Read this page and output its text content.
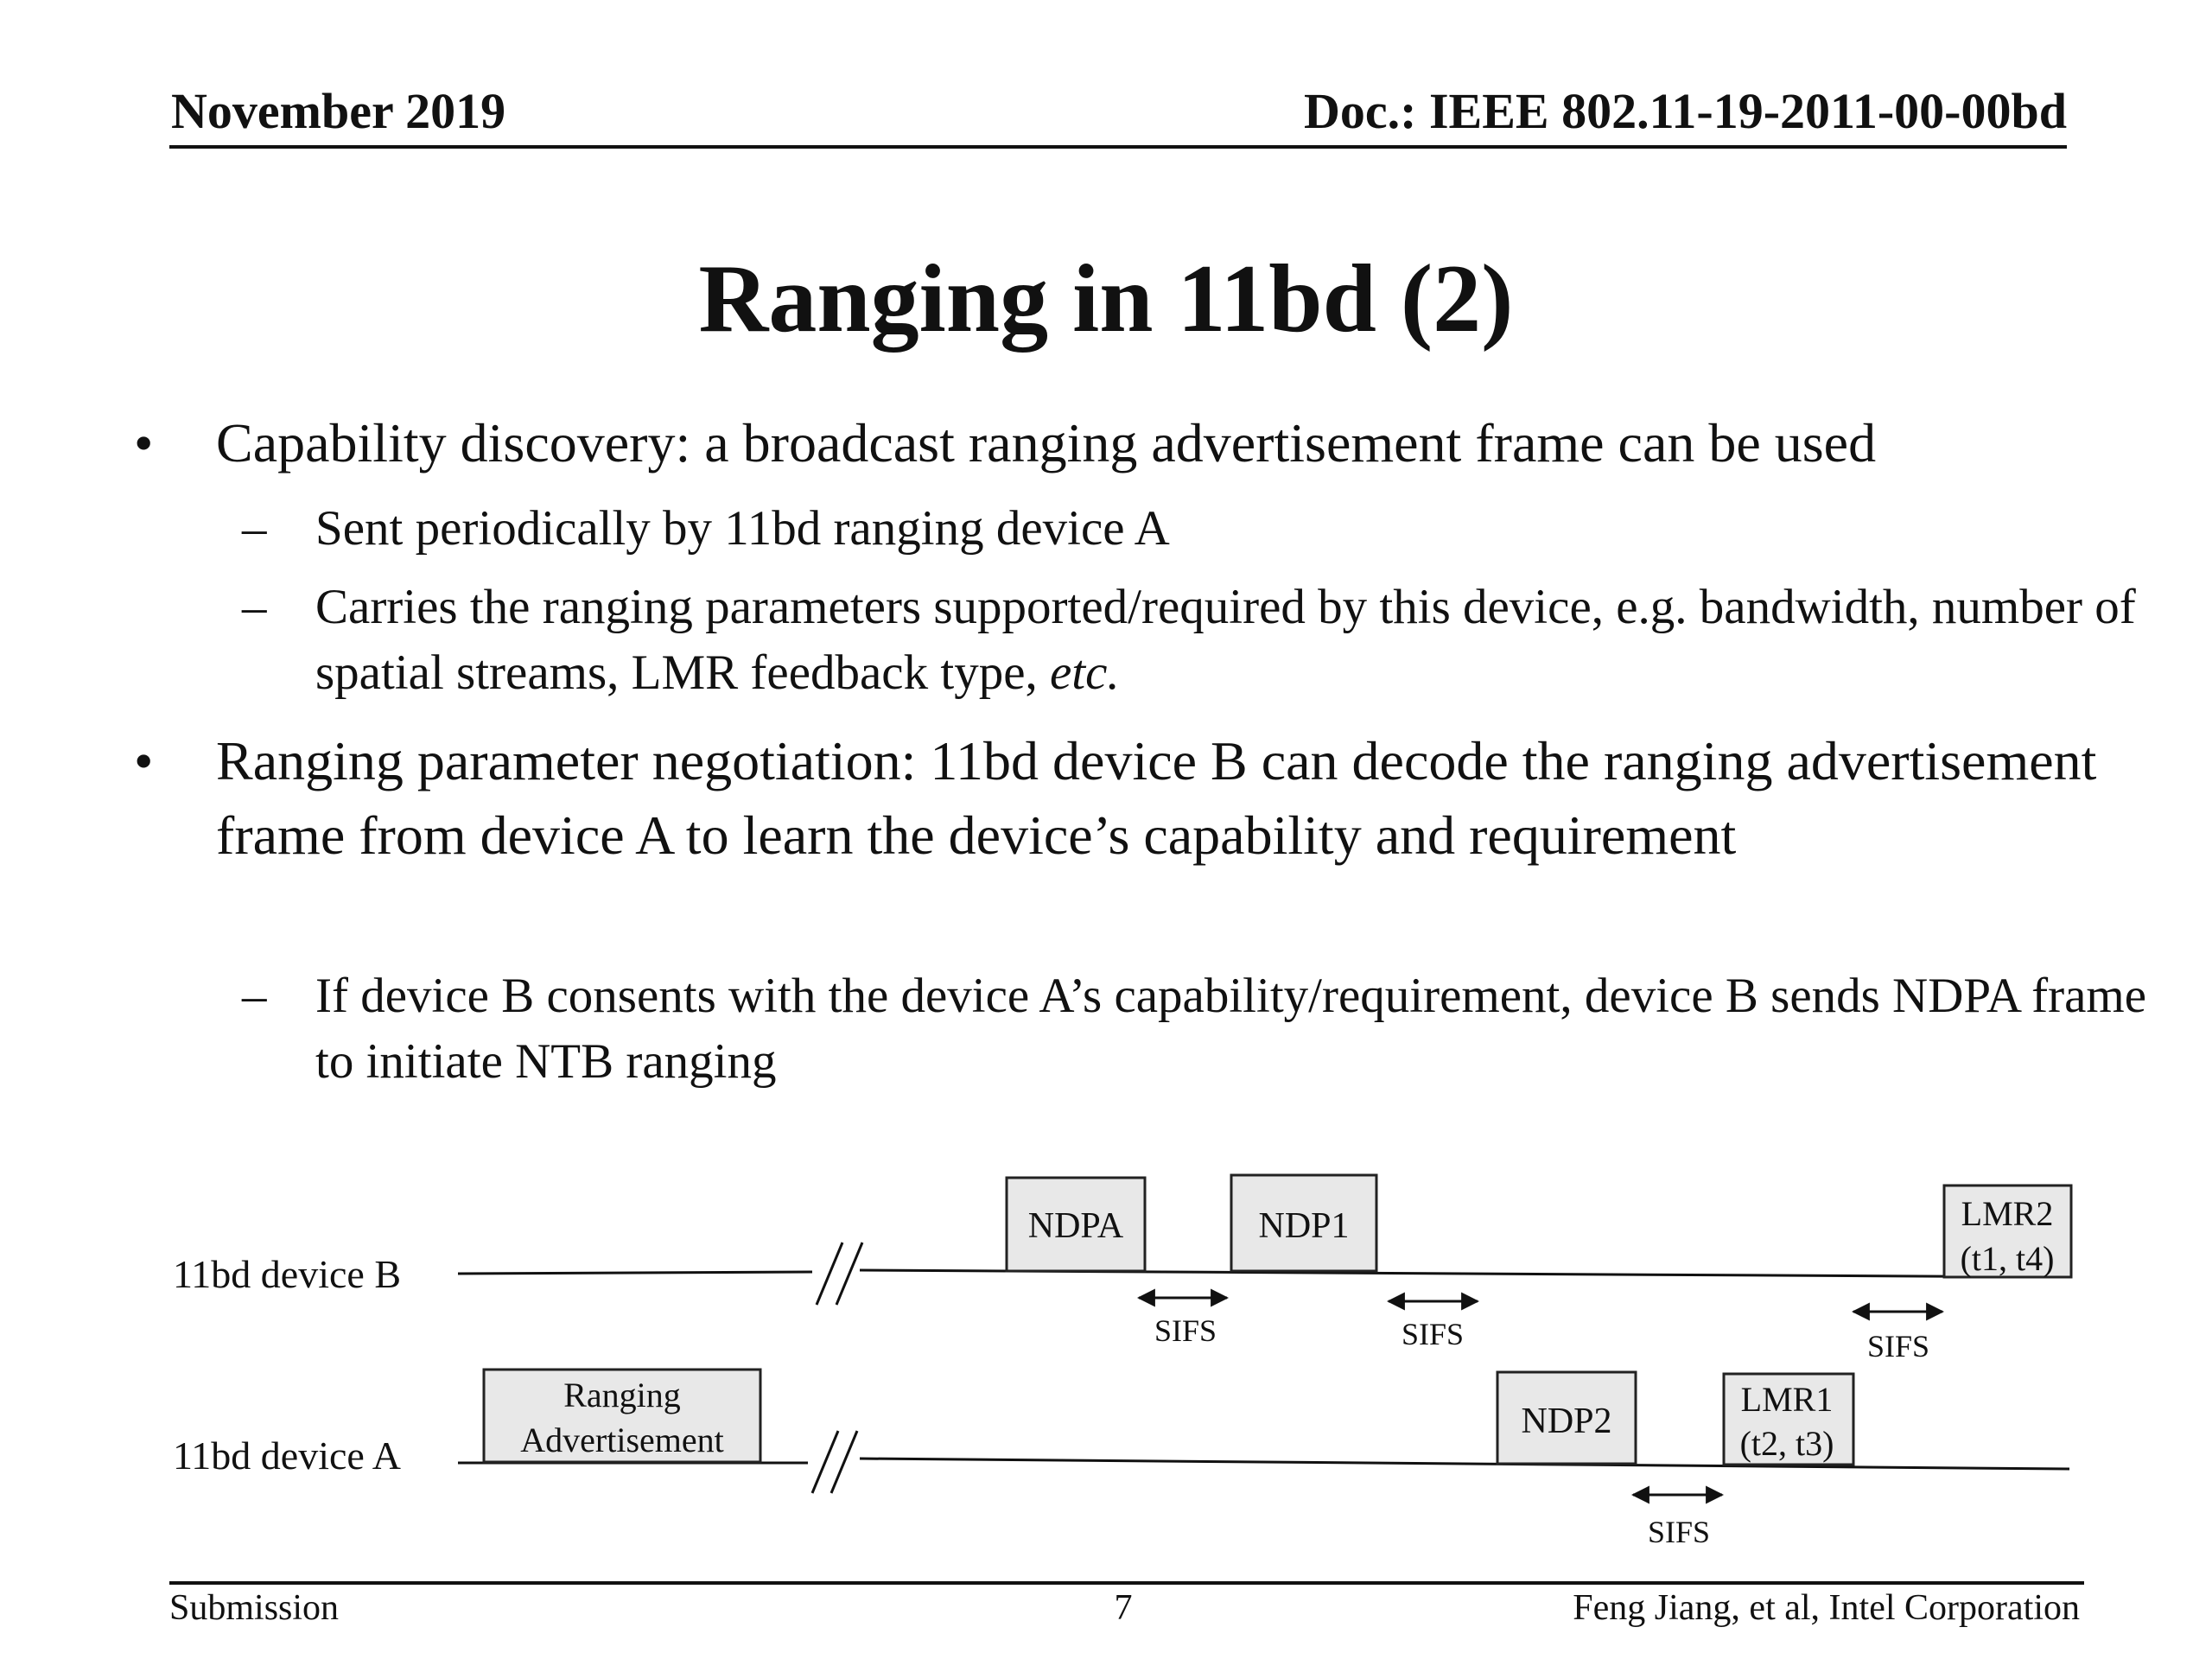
November 2019	Doc.: IEEE 802.11-19-2011-00-00bd
Ranging in 11bd (2)
• Capability discovery: a broadcast ranging advertisement frame can be used
– Sent periodically by 11bd ranging device A
– Carries the ranging parameters supported/required by this device, e.g. bandwidth, number of spatial streams, LMR feedback type, etc.
• Ranging parameter negotiation: 11bd device B can decode the ranging advertisement frame from device A to learn the device’s capability and requirement
– If device B consents with the device A’s capability/requirement, device B sends NDPA frame to initiate NTB ranging
11bd device B
NDPA	NDP1	LMR2
(t1, t4)
SIFS	SIFS	SIFS
11bd device A
Ranging
Advertisement	NDP2
LMR1
(t2, t3)
SIFS
Submission	7	Feng Jiang, et al, Intel Corporation
